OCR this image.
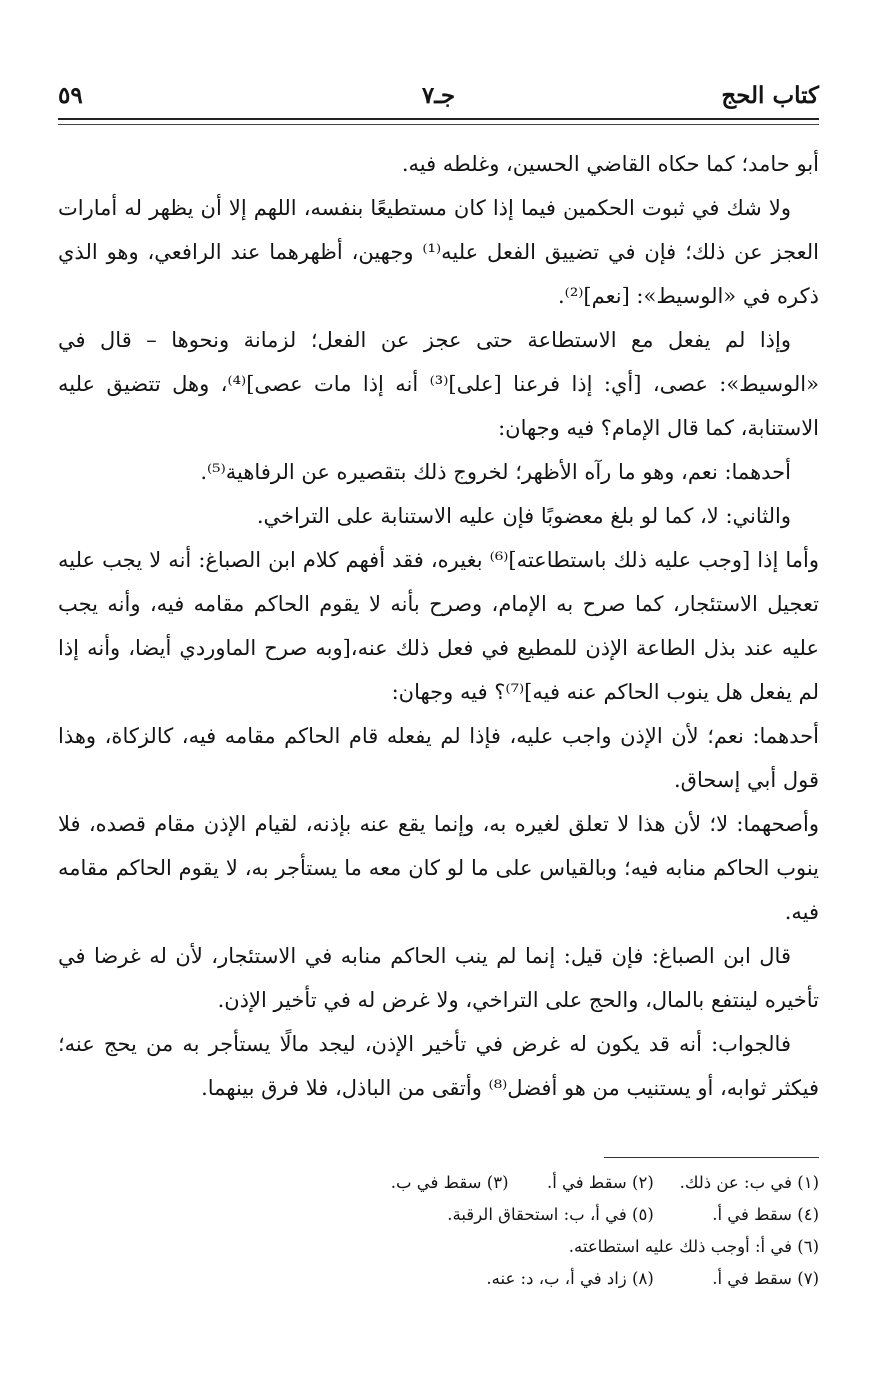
كتاب الحج
جـ٧
٥٩

أبو حامد؛ كما حكاه القاضي الحسين، وغلطه فيه.

ولا شك في ثبوت الحكمين فيما إذا كان مستطيعًا بنفسه، اللهم إلا أن يظهر له أمارات العجز عن ذلك؛ فإن في تضييق الفعل عليه⁽¹⁾ وجهين، أظهرهما عند الرافعي، وهو الذي ذكره في «الوسيط»: [نعم]⁽²⁾.

وإذا لم يفعل مع الاستطاعة حتى عجز عن الفعل؛ لزمانة ونحوها – قال في «الوسيط»: عصى، [أي: إذا فرعنا [على]⁽³⁾ أنه إذا مات عصى]⁽⁴⁾، وهل تتضيق عليه الاستنابة، كما قال الإمام؟ فيه وجهان:

أحدهما: نعم، وهو ما رآه الأظهر؛ لخروج ذلك بتقصيره عن الرفاهية⁽⁵⁾.

والثاني: لا، كما لو بلغ معضوبًا فإن عليه الاستنابة على التراخي.

وأما إذا [وجب عليه ذلك باستطاعته]⁽⁶⁾ بغيره، فقد أفهم كلام ابن الصباغ: أنه لا يجب عليه تعجيل الاستئجار، كما صرح به الإمام، وصرح بأنه لا يقوم الحاكم مقامه فيه، وأنه يجب عليه عند بذل الطاعة الإذن للمطيع في فعل ذلك عنه،[وبه صرح الماوردي أيضا، وأنه إذا لم يفعل هل ينوب الحاكم عنه فيه]⁽⁷⁾؟ فيه وجهان:

أحدهما: نعم؛ لأن الإذن واجب عليه، فإذا لم يفعله قام الحاكم مقامه فيه، كالزكاة، وهذا قول أبي إسحاق.

وأصحهما: لا؛ لأن هذا لا تعلق لغيره به، وإنما يقع عنه بإذنه، لقيام الإذن مقام قصده، فلا ينوب الحاكم منابه فيه؛ وبالقياس على ما لو كان معه ما يستأجر به، لا يقوم الحاكم مقامه فيه.

قال ابن الصباغ: فإن قيل: إنما لم ينب الحاكم منابه في الاستئجار، لأن له غرضا في تأخيره لينتفع بالمال، والحج على التراخي، ولا غرض له في تأخير الإذن.

فالجواب: أنه قد يكون له غرض في تأخير الإذن، ليجد مالًا يستأجر به من يحج عنه؛ فيكثر ثوابه، أو يستنيب من هو أفضل⁽⁸⁾ وأتقى من الباذل، فلا فرق بينهما.

(١) في ب: عن ذلك. (٢) سقط في أ. (٣) سقط في ب.
(٤) سقط في أ. (٥) في أ، ب: استحقاق الرقبة.
(٦) في أ: أوجب ذلك عليه استطاعته.
(٧) سقط في أ. (٨) زاد في أ، ب، د: عنه.
